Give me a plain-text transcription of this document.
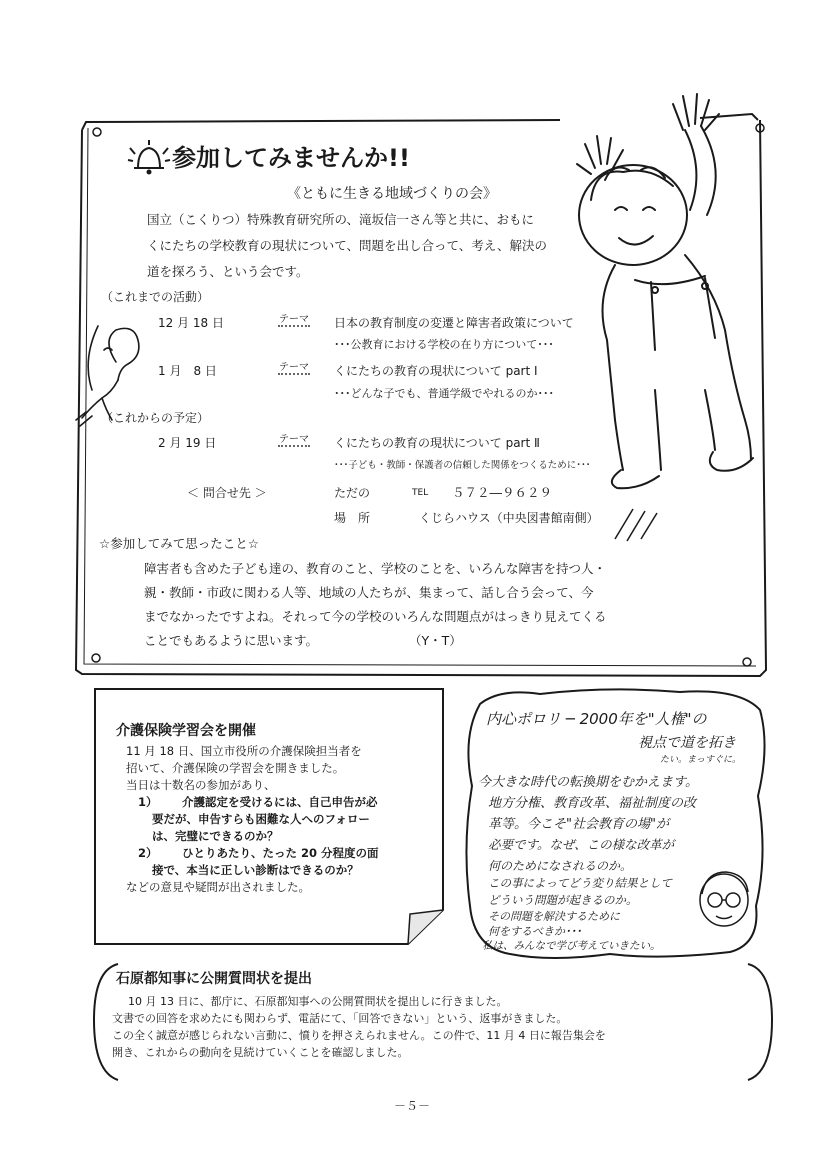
参加してみませんか!!
《ともに生きる地域づくりの会》
国立（こくりつ）特殊教育研究所の、滝坂信一さん等と共に、おもに
くにたちの学校教育の現状について、問題を出し合って、考え、解決の
道を探ろう、という会です。
（これまでの活動）
12 月 18 日	テーマ 日本の教育制度の変遷と障害者政策について
･･･公教育における学校の在り方について･･･
1 月　8 日	テーマ くにたちの教育の現状について part Ⅰ
･･･どんな子でも、普通学級でやれるのか･･･
（これからの予定）
2 月 19 日	テーマ くにたちの教育の現状について part Ⅱ
･･･子ども・教師・保護者の信頼した関係をつくるために･･･
＜ 問合せ先 ＞	ただの	TEL ５７２―９６２９
場　所	くじらハウス（中央図書館南側）
☆参加してみて思ったこと☆
障害者も含めた子ども達の、教育のこと、学校のことを、いろんな障害を持つ人・
親・教師・市政に関わる人等、地域の人たちが、集まって、話し合う会って、今
までなかったですよね。それって今の学校のいろんな問題点がはっきり見えてくる
ことでもあるように思います。	（Y・T）
介護保険学習会を開催
11 月 18 日、国立市役所の介護保険担当者を
招いて、介護保険の学習会を開きました。
当日は十数名の参加があり、
1） 介護認定を受けるには、自己申告が必
要だが、申告すらも困難な人へのフォロー
は、完璧にできるのか？
2） ひとりあたり、たった 20 分程度の面
接で、本当に正しい診断はできるのか？
などの意見や疑問が出されました。
内心ポロリ ─ 2000年を"人権"の
視点で道を拓き
たい。まっすぐに。
今大きな時代の転換期をむかえます。
地方分権、教育改革、福祉制度の改
革等。今こそ"社会教育の場"が
必要です。なぜ、この様な改革が
何のためになされるのか。
この事によってどう変り結果として
どういう問題が起きるのか。
その問題を解決するために
何をするべきか･･･
私は、みんなで学び考えていきたい。
石原都知事に公開質問状を提出
10 月 13 日に、都庁に、石原都知事への公開質問状を提出しに行きました。
文書での回答を求めたにも関わらず、電話にて、「回答できない」という、返事がきました。
この全く誠意が感じられない言動に、憤りを押さえられません。この件で、11 月 4 日に報告集会を
開き、これからの動向を見続けていくことを確認しました。
－５－
